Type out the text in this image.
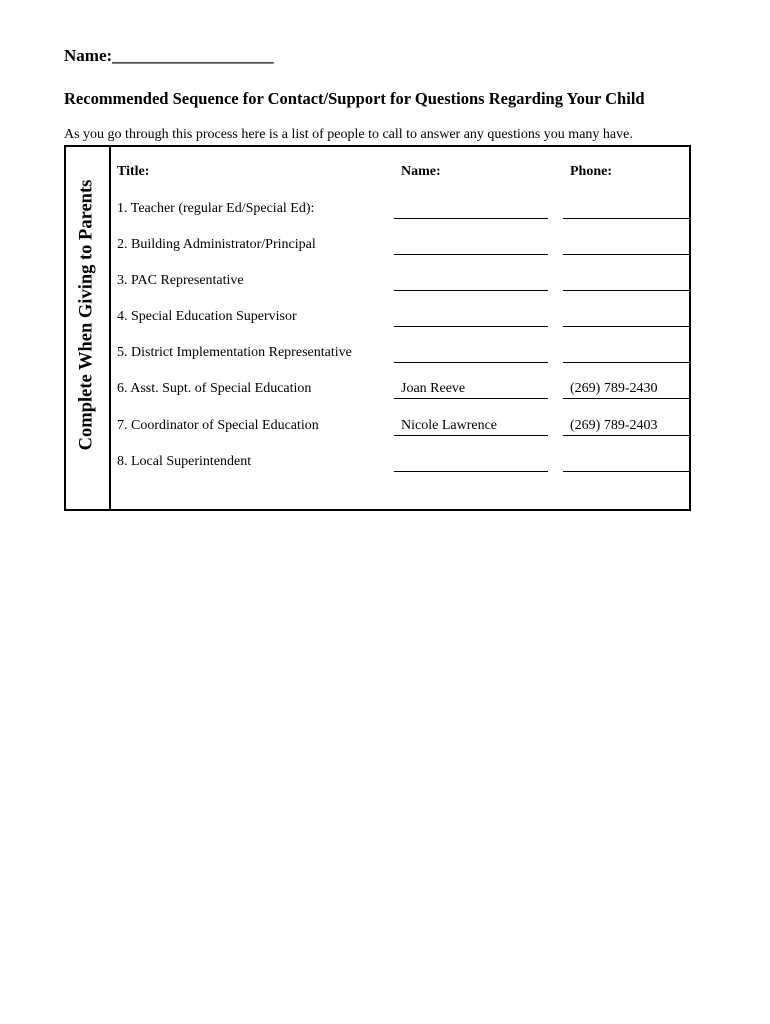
Name:___________________
Recommended Sequence for Contact/Support for Questions Regarding Your Child
As you go through this process here is a list of people to call to answer any questions you many have.
Complete When Giving to Parents
Title:	Name:	Phone:
1. Teacher (regular Ed/Special Ed):
2. Building Administrator/Principal
3. PAC Representative
4. Special Education Supervisor
5. District Implementation Representative
6. Asst. Supt. of Special Education	Joan Reeve	(269) 789-2430
7. Coordinator of Special Education	Nicole Lawrence	(269) 789-2403
8. Local Superintendent
